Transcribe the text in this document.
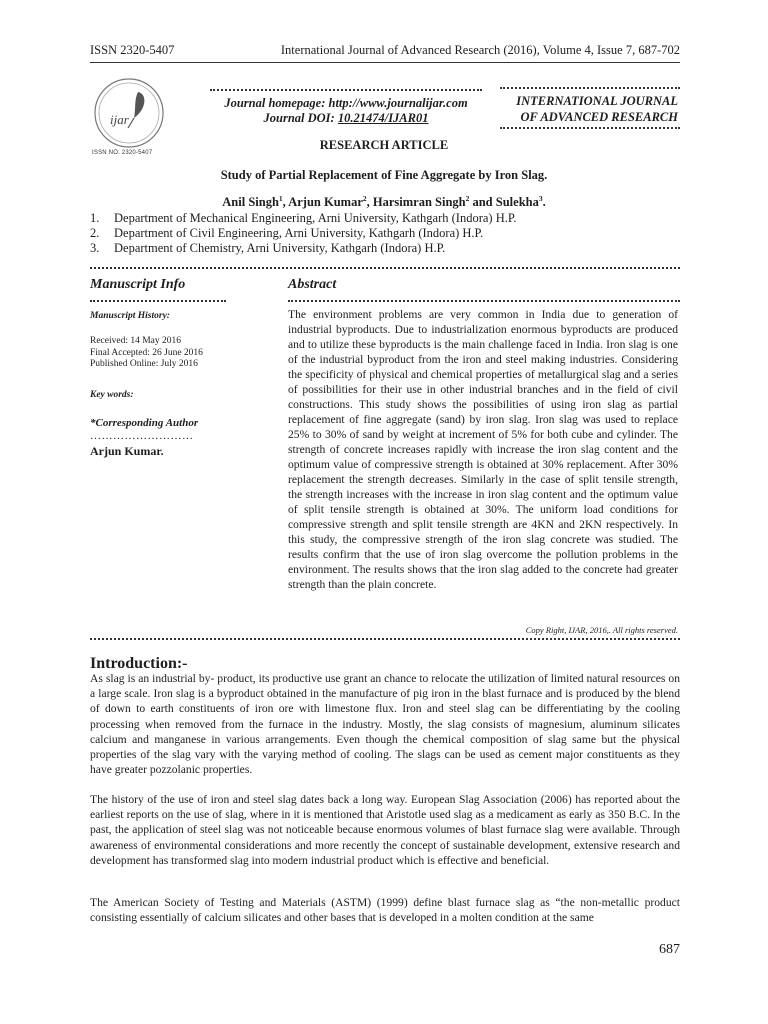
ISSN 2320-5407	International Journal of Advanced Research (2016), Volume 4, Issue 7, 687-702
ijar
ISSN NO. 2320-5407
Journal homepage: http://www.journalijar.com
Journal DOI: 10.21474/IJAR01
INTERNATIONAL JOURNAL
OF ADVANCED RESEARCH
RESEARCH ARTICLE
Study of Partial Replacement of Fine Aggregate by Iron Slag.
Anil Singh$^1$, Arjun Kumar$^2$, Harsimran Singh$^2$ and Sulekha$^3$.
1.	Department of Mechanical Engineering, Arni University, Kathgarh (Indora) H.P.
2.	Department of Civil Engineering, Arni University, Kathgarh (Indora) H.P.
3.	Department of Chemistry, Arni University, Kathgarh (Indora) H.P.
Manuscript Info
Manuscript History:
Received: 14 May 2016
Final Accepted: 26 June 2016
Published Online: July 2016
Key words:
*Corresponding Author
………………………
Arjun Kumar.
Abstract
The environment problems are very common in India due to generation of industrial byproducts. Due to industrialization enormous byproducts are produced and to utilize these byproducts is the main challenge faced in India. Iron slag is one of the industrial byproduct from the iron and steel making industries. Considering the specificity of physical and chemical properties of metallurgical slag and a series of possibilities for their use in other industrial branches and in the field of civil constructions. This study shows the possibilities of using iron slag as partial replacement of fine aggregate (sand) by iron slag. Iron slag was used to replace 25% to 30% of sand by weight at increment of 5% for both cube and cylinder. The strength of concrete increases rapidly with increase the iron slag content and the optimum value of compressive strength is obtained at 30% replacement. After 30% replacement the strength decreases. Similarly in the case of split tensile strength, the strength increases with the increase in iron slag content and the optimum value of split tensile strength is obtained at 30%. The uniform load conditions for compressive strength and split tensile strength are 4KN and 2KN respectively. In this study, the compressive strength of the iron slag concrete was studied. The results confirm that the use of iron slag overcome the pollution problems in the environment. The results shows that the iron slag added to the concrete had greater strength than the plain concrete.
Copy Right, IJAR, 2016,. All rights reserved.
Introduction:-
As slag is an industrial by- product, its productive use grant an chance to relocate the utilization of limited natural resources on a large scale. Iron slag is a byproduct obtained in the manufacture of pig iron in the blast furnace and is produced by the blend of down to earth constituents of iron ore with limestone flux. Iron and steel slag can be differentiating by the cooling processing when removed from the furnace in the industry. Mostly, the slag consists of magnesium, aluminum silicates calcium and manganese in various arrangements. Even though the chemical composition of slag same but the physical properties of the slag vary with the varying method of cooling. The slags can be used as cement major constituents as they have greater pozzolanic properties.
The history of the use of iron and steel slag dates back a long way. European Slag Association (2006) has reported about the earliest reports on the use of slag, where in it is mentioned that Aristotle used slag as a medicament as early as 350 B.C. In the past, the application of steel slag was not noticeable because enormous volumes of blast furnace slag were available. Through awareness of environmental considerations and more recently the concept of sustainable development, extensive research and development has transformed slag into modern industrial product which is effective and beneficial.
The American Society of Testing and Materials (ASTM) (1999) define blast furnace slag as “the non-metallic product consisting essentially of calcium silicates and other bases that is developed in a molten condition at the same
687
